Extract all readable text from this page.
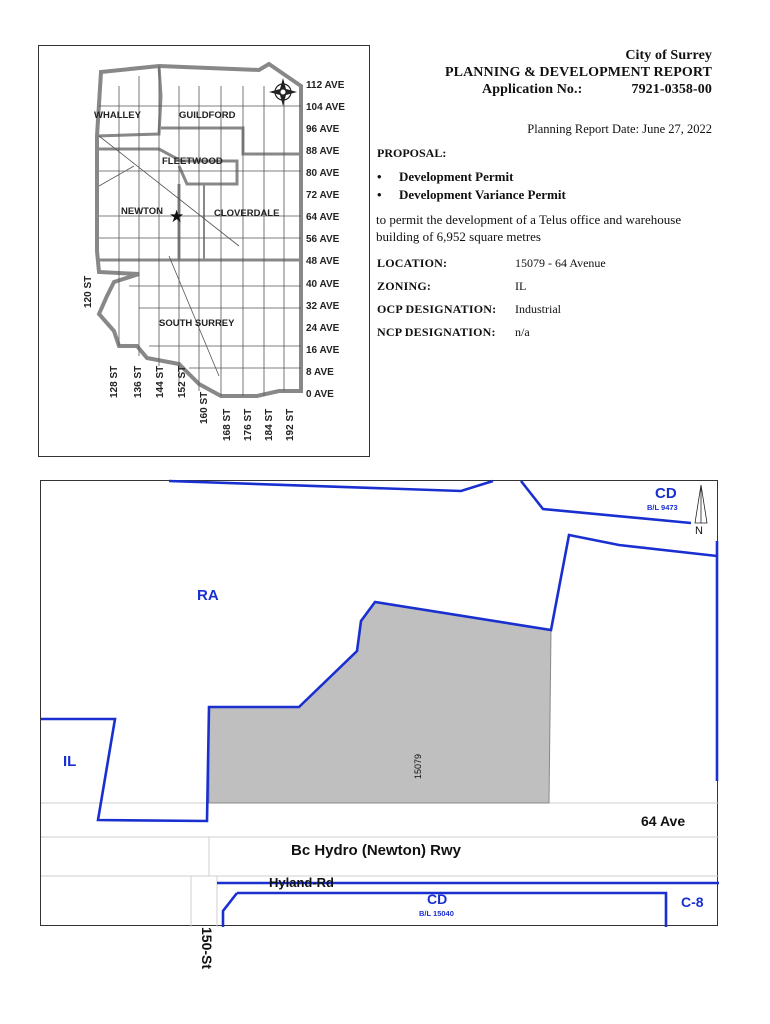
★
WHALLEY	GUILDFORD
FLEETWOOD
NEWTON	CLOVERDALE
SOUTH SURREY
112 AVE
104 AVE
96 AVE
88 AVE
80 AVE
72 AVE
64 AVE
56 AVE
48 AVE
40 AVE
32 AVE
24 AVE
16 AVE
8 AVE
0 AVE
120 ST
128 ST 136 ST 144 ST 152 ST
160 ST
168 ST 176 ST 184 ST 192 ST
City of Surrey
PLANNING & DEVELOPMENT REPORT
Application No.:	7921-0358-00
Planning Report Date: June 27, 2022
PROPOSAL:
• Development Permit
• Development Variance Permit
to permit the development of a Telus office and warehouse building of 6,952 square metres
LOCATION:	15079 - 64 Avenue
ZONING:	IL
OCP DESIGNATION:	Industrial
NCP DESIGNATION:	n/a
CD
B/L 9473
RA
IL
CD
B/L 15040
C-8
15079
64 Ave
Bc Hydro (Newton) Rwy
Hyland-Rd
150-St
N
